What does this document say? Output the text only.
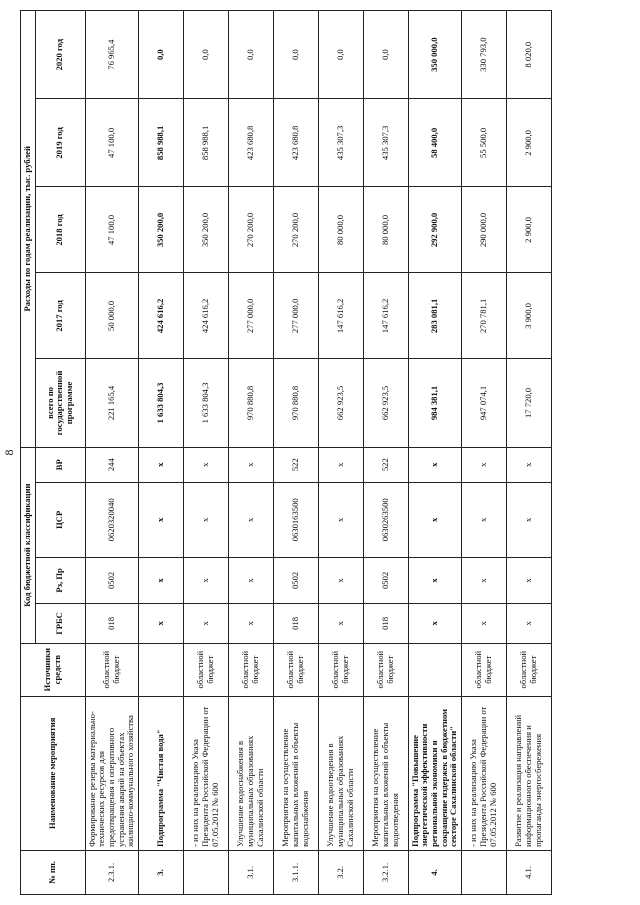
8
№ пп.	Наименование мероприятия	Источники средств	Код бюджетной классификации				Расходы по годам реализации, тыс. рублей				
			ГРБС	Рз, Пр	ЦСР	ВР	всего по государственной программе	2017 год	2018 год	2019 год	2020 год
2.3.1.	Формирование резерва материально-технических ресурсов для предотвращения и оперативного устранения аварий на объектах жилищно-коммунального хозяйства	областной бюджет	018	0502	0620320040	244	221 165,4	50 000,0	47 100,0	47 100,0	76 965,4
3.	Подпрограмма "Чистая вода"		x	x	x	x	1 633 804,3	424 616,2	350 200,0	858 988,1	0,0
	- из них на реализацию Указа Президента Российской Федерации от 07.05.2012 № 600	областной бюджет	x	x	x	x	1 633 804,3	424 616,2	350 200,0	858 988,1	0,0
3.1.	Улучшение водоснабжения в муниципальных образованиях Сахалинской области	областной бюджет	x	x	x	x	970 880,8	277 000,0	270 200,0	423 680,8	0,0
3.1.1.	Мероприятия на осуществление капитальных вложений в объекты водоснабжения	областной бюджет	018	0502	0630163500	522	970 880,8	277 000,0	270 200,0	423 680,8	0,0
3.2.	Улучшение водоотведения в муниципальных образованиях Сахалинской области	областной бюджет	x	x	x	x	662 923,5	147 616,2	80 000,0	435 307,3	0,0
3.2.1.	Мероприятия на осуществление капитальных вложений в объекты водоотведения	областной бюджет	018	0502	0630263500	522	662 923,5	147 616,2	80 000,0	435 307,3	0,0
4.	Подпрограмма "Повышение энергетической эффективности региональной экономики и сокращение издержек в бюджетном секторе Сахалинской области"		x	x	x	x	984 381,1	283 081,1	292 900,0	58 400,0	350 000,0
	- из них на реализацию Указа Президента Российской Федерации от 07.05.2012 № 600	областной бюджет	x	x	x	x	947 074,1	270 781,1	290 000,0	55 500,0	330 793,0
4.1.	Развитие и реализация направлений информационного обеспечения и пропаганды энергосбережения	областной бюджет	x	x	x	x	17 720,0	3 900,0	2 900,0	2 900,0	8 020,0
